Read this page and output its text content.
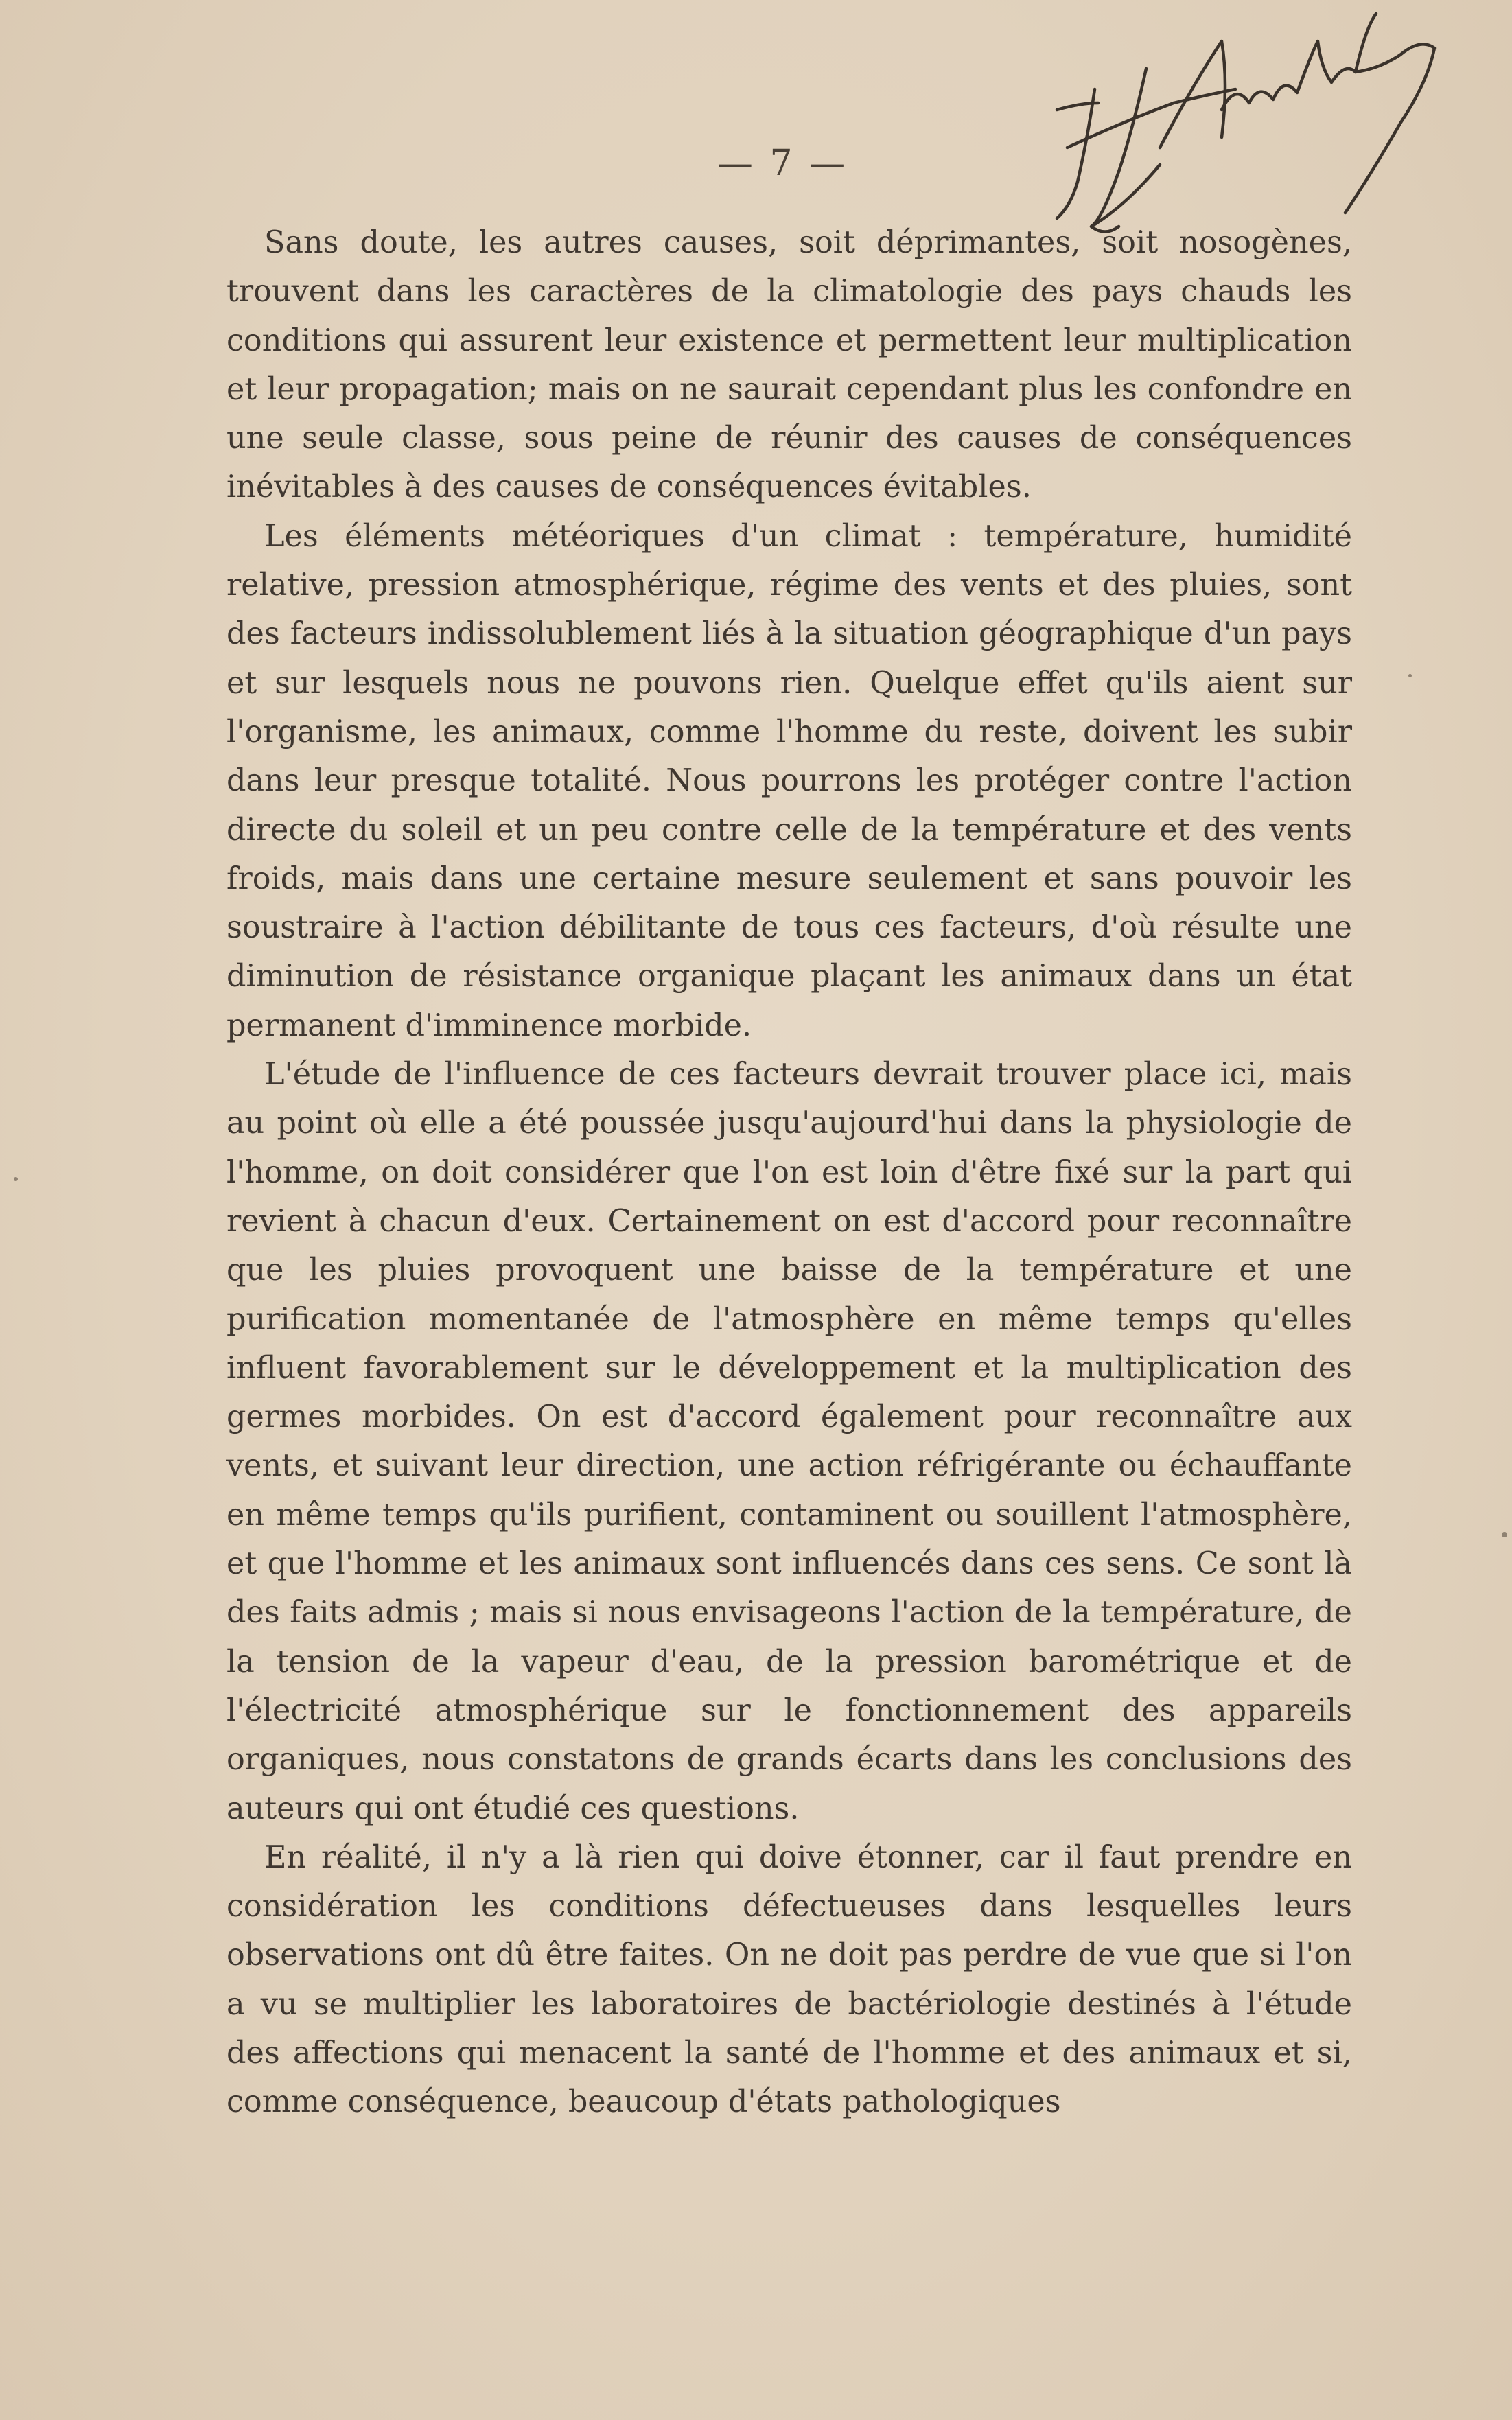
— 7 —

Sans doute, les autres causes, soit déprimantes, soit nosogènes, trouvent dans les caractères de la climatologie des pays chauds les conditions qui assurent leur existence et permettent leur multiplication et leur propagation; mais on ne saurait cependant plus les confondre en une seule classe, sous peine de réunir des causes de conséquences inévitables à des causes de conséquences évitables.

Les éléments météoriques d'un climat : température, humidité relative, pression atmosphérique, régime des vents et des pluies, sont des facteurs indissolublement liés à la situation géographique d'un pays et sur lesquels nous ne pouvons rien. Quelque effet qu'ils aient sur l'organisme, les animaux, comme l'homme du reste, doivent les subir dans leur presque totalité. Nous pourrons les protéger contre l'action directe du soleil et un peu contre celle de la température et des vents froids, mais dans une certaine mesure seulement et sans pouvoir les soustraire à l'action débilitante de tous ces facteurs, d'où résulte une diminution de résistance organique plaçant les animaux dans un état permanent d'imminence morbide.

L'étude de l'influence de ces facteurs devrait trouver place ici, mais au point où elle a été poussée jusqu'aujourd'hui dans la physiologie de l'homme, on doit considérer que l'on est loin d'être fixé sur la part qui revient à chacun d'eux. Certainement on est d'accord pour reconnaître que les pluies provoquent une baisse de la température et une purification momentanée de l'atmosphère en même temps qu'elles influent favorablement sur le développement et la multiplication des germes morbides. On est d'accord également pour reconnaître aux vents, et suivant leur direction, une action réfrigérante ou échauffante en même temps qu'ils purifient, contaminent ou souillent l'atmosphère, et que l'homme et les animaux sont influencés dans ces sens. Ce sont là des faits admis ; mais si nous envisageons l'action de la température, de la tension de la vapeur d'eau, de la pression barométrique et de l'électricité atmosphérique sur le fonctionnement des appareils organiques, nous constatons de grands écarts dans les conclusions des auteurs qui ont étudié ces questions.

En réalité, il n'y a là rien qui doive étonner, car il faut prendre en considération les conditions défectueuses dans lesquelles leurs observations ont dû être faites. On ne doit pas perdre de vue que si l'on a vu se multiplier les laboratoires de bactériologie destinés à l'étude des affections qui menacent la santé de l'homme et des animaux et si, comme conséquence, beaucoup d'états pathologiques
